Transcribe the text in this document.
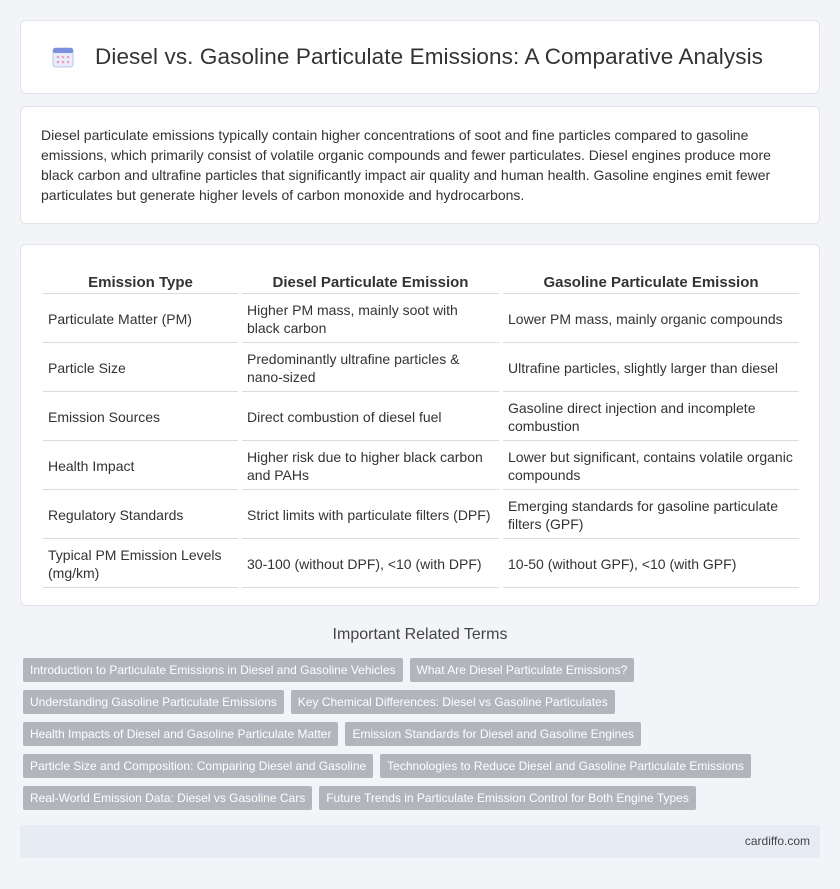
Diesel vs. Gasoline Particulate Emissions: A Comparative Analysis

Diesel particulate emissions typically contain higher concentrations of soot and fine particles compared to gasoline emissions, which primarily consist of volatile organic compounds and fewer particulates. Diesel engines produce more black carbon and ultrafine particles that significantly impact air quality and human health. Gasoline engines emit fewer particulates but generate higher levels of carbon monoxide and hydrocarbons.

Emission Type	Diesel Particulate Emission	Gasoline Particulate Emission
Particulate Matter (PM)	Higher PM mass, mainly soot with black carbon	Lower PM mass, mainly organic compounds
Particle Size	Predominantly ultrafine particles & nano-sized	Ultrafine particles, slightly larger than diesel
Emission Sources	Direct combustion of diesel fuel	Gasoline direct injection and incomplete combustion
Health Impact	Higher risk due to higher black carbon and PAHs	Lower but significant, contains volatile organic compounds
Regulatory Standards	Strict limits with particulate filters (DPF)	Emerging standards for gasoline particulate filters (GPF)
Typical PM Emission Levels (mg/km)	30-100 (without DPF), <10 (with DPF)	10-50 (without GPF), <10 (with GPF)
Important Related Terms
Introduction to Particulate Emissions in Diesel and Gasoline Vehicles	What Are Diesel Particulate Emissions?
Understanding Gasoline Particulate Emissions	Key Chemical Differences: Diesel vs Gasoline Particulates
Health Impacts of Diesel and Gasoline Particulate Matter	Emission Standards for Diesel and Gasoline Engines
Particle Size and Composition: Comparing Diesel and Gasoline	Technologies to Reduce Diesel and Gasoline Particulate Emissions
Real-World Emission Data: Diesel vs Gasoline Cars	Future Trends in Particulate Emission Control for Both Engine Types
cardiffo.com
